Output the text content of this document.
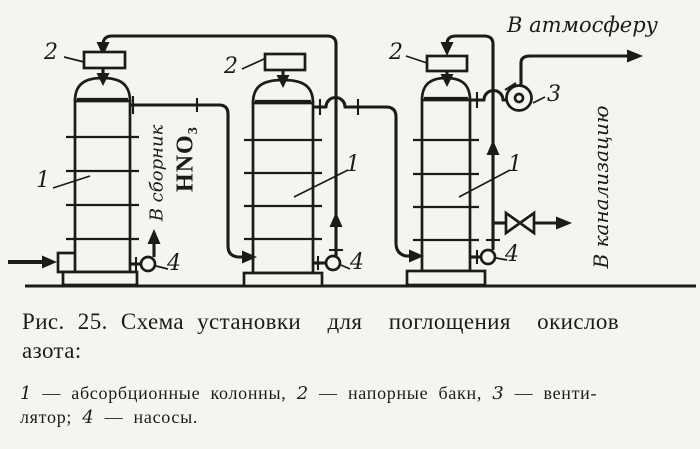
В атмосферу
В канализацию
В сборник HNO₃
1
1	1
2
2
2
3
4	4	4
Рис. 25. Схема установки  для  поглощения  окислов
азота:
1 — абсорбционные колонны, 2 — напорные бакн, 3 — венти-
лятор; 4 — насосы.
